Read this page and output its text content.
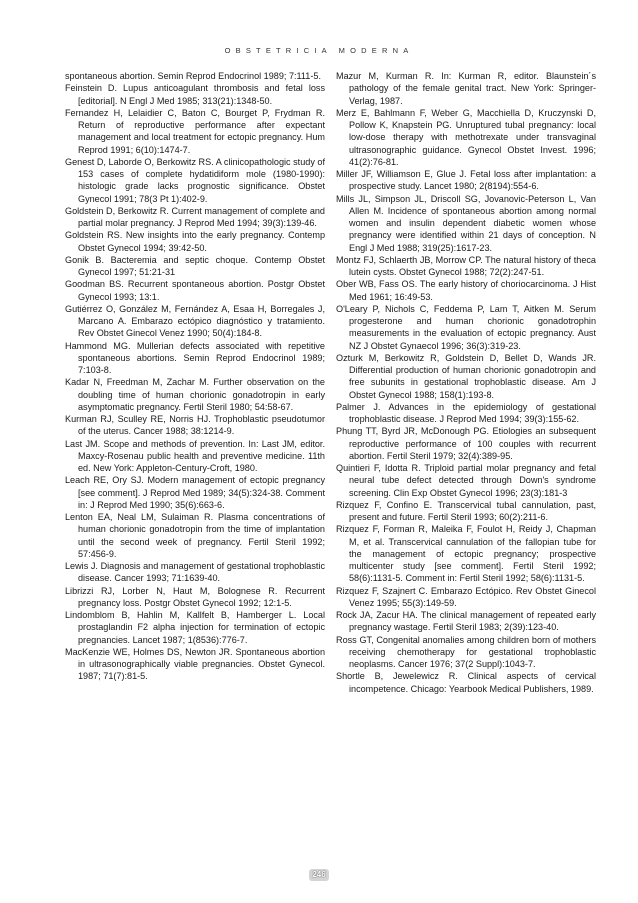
OBSTETRICIA MODERNA

spontaneous abortion. Semin Reprod Endocrinol 1989; 7:111-5.

Feinstein D. Lupus anticoagulant thrombosis and fetal loss [editorial]. N Engl J Med 1985; 313(21):1348-50.

Fernandez H, Lelaidier C, Baton C, Bourget P, Frydman R. Return of reproductive performance after expectant management and local treatment for ectopic pregnancy. Hum Reprod 1991; 6(10):1474-7.

Genest D, Laborde O, Berkowitz RS. A clinicopathologic study of 153 cases of complete hydatidiform mole (1980-1990): histologic grade lacks prognostic significance. Obstet Gynecol 1991; 78(3 Pt 1):402-9.

Goldstein D, Berkowitz R. Current management of complete and partial molar pregnancy. J Reprod Med 1994; 39(3):139-46.

Goldstein RS. New insights into the early pregnancy. Contemp Obstet Gynecol 1994; 39:42-50.

Gonik B. Bacteremia and septic choque. Contemp Obstet Gynecol 1997; 51:21-31

Goodman BS. Recurrent spontaneous abortion. Postgr Obstet Gynecol 1993; 13:1.

Gutiérrez O, González M, Fernández A, Esaa H, Borregales J, Marcano A. Embarazo ectópico diagnóstico y tratamiento. Rev Obstet Ginecol Venez 1990; 50(4):184-8.

Hammond MG. Mullerian defects associated with repetitive spontaneous abortions. Semin Reprod Endocrinol 1989; 7:103-8.

Kadar N, Freedman M, Zachar M. Further observation on the doubling time of human chorionic gonadotropin in early asymptomatic pregnancy. Fertil Steril 1980; 54:58-67.

Kurman RJ, Sculley RE, Norris HJ. Trophoblastic pseudotumor of the uterus. Cancer 1988; 38:1214-9.

Last JM. Scope and methods of prevention. In: Last JM, editor. Maxcy-Rosenau public health and preventive medicine. 11th ed. New York: Appleton-Century-Croft, 1980.

Leach RE, Ory SJ. Modern management of ectopic pregnancy [see comment]. J Reprod Med 1989; 34(5):324-38. Comment in: J Reprod Med 1990; 35(6):663-6.

Lenton EA, Neal LM, Sulaiman R. Plasma concentrations of human chorionic gonadotropin from the time of implantation until the second week of pregnancy. Fertil Steril 1992; 57:456-9.

Lewis J. Diagnosis and management of gestational trophoblastic disease. Cancer 1993; 71:1639-40.

Librizzi RJ, Lorber N, Haut M, Bolognese R. Recurrent pregnancy loss. Postgr Obstet Gynecol 1992; 12:1-5.

Lindomblom B, Hahlin M, Kallfelt B, Hamberger L. Local prostaglandin F2 alpha injection for termination of ectopic pregnancies. Lancet 1987; 1(8536):776-7.

MacKenzie WE, Holmes DS, Newton JR. Spontaneous abortion in ultrasonographically viable pregnancies. Obstet Gynecol. 1987; 71(7):81-5.

Mazur M, Kurman R. In: Kurman R, editor. Blaunstein´s pathology of the female genital tract. New York: Springer-Verlag, 1987.

Merz E, Bahlmann F, Weber G, Macchiella D, Kruczynski D, Pollow K, Knapstein PG. Unruptured tubal pregnancy: local low-dose therapy with methotrexate under transvaginal ultrasonographic guidance. Gynecol Obstet Invest. 1996; 41(2):76-81.

Miller JF, Williamson E, Glue J. Fetal loss after implantation: a prospective study. Lancet 1980; 2(8194):554-6.

Mills JL, Simpson JL, Driscoll SG, Jovanovic-Peterson L, Van Allen M. Incidence of spontaneous abortion among normal women and insulin dependent diabetic women whose pregnancy were identified within 21 days of conception. N Engl J Med 1988; 319(25):1617-23.

Montz FJ, Schlaerth JB, Morrow CP. The natural history of theca lutein cysts. Obstet Gynecol 1988; 72(2):247-51.

Ober WB, Fass OS. The early history of choriocarcinoma. J Hist Med 1961; 16:49-53.

O'Leary P, Nichols C, Feddema P, Lam T, Aitken M. Serum progesterone and human chorionic gonadotrophin measurements in the evaluation of ectopic pregnancy. Aust NZ J Obstet Gynaecol 1996; 36(3):319-23.

Ozturk M, Berkowitz R, Goldstein D, Bellet D, Wands JR. Differential production of human chorionic gonadotropin and free subunits in gestational trophoblastic disease. Am J Obstet Gynecol 1988; 158(1):193-8.

Palmer J. Advances in the epidemiology of gestational trophoblastic disease. J Reprod Med 1994; 39(3):155-62.

Phung TT, Byrd JR, McDonough PG. Etiologies an subsequent reproductive performance of 100 couples with recurrent abortion. Fertil Steril 1979; 32(4):389-95.

Quintieri F, Idotta R. Triploid partial molar pregnancy and fetal neural tube defect detected through Down's syndrome screening. Clin Exp Obstet Gynecol 1996; 23(3):181-3

Rizquez F, Confino E. Transcervical tubal cannulation, past, present and future. Fertil Steril 1993; 60(2):211-6.

Rizquez F, Forman R, Maleika F, Foulot H, Reidy J, Chapman M, et al. Transcervical cannulation of the fallopian tube for the management of ectopic pregnancy; prospective multicenter study [see comment]. Fertil Steril 1992; 58(6):1131-5. Comment in: Fertil Steril 1992; 58(6):1131-5.

Rizquez F, Szajnert C. Embarazo Ectópico. Rev Obstet Ginecol Venez 1995; 55(3):149-59.

Rock JA, Zacur HA. The clinical management of repeated early pregnancy wastage. Fertil Steril 1983; 2(39):123-40.

Ross GT, Congenital anomalies among children born of mothers receiving chemotherapy for gestational trophoblastic neoplasms. Cancer 1976; 37(2 Suppl):1043-7.

Shortle B, Jewelewicz R. Clinical aspects of cervical incompetence. Chicago: Yearbook Medical Publishers, 1989.

246
